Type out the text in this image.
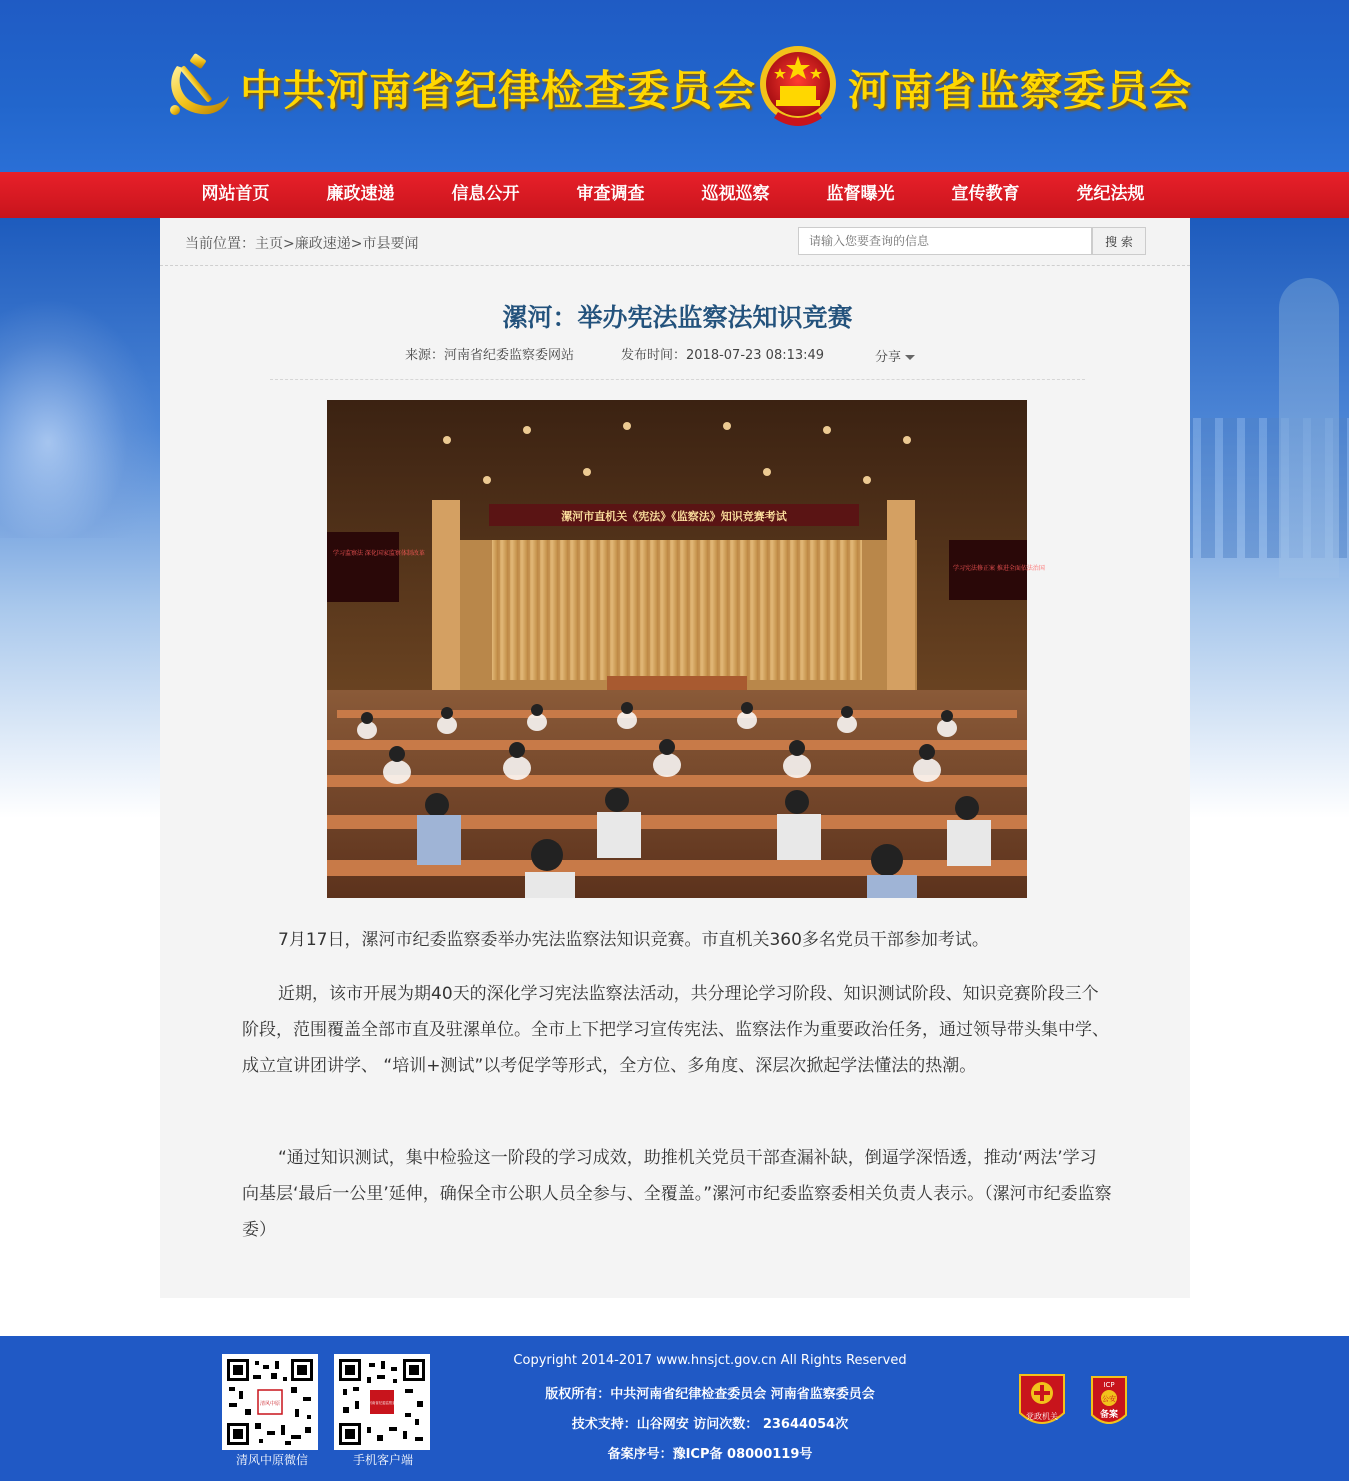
中共河南省纪律检查委员会 河南省监察委员会
网站首页	廉政速递	信息公开	审查调查	巡视巡察	监督曝光	宣传教育	党纪法规
当前位置：主页>廉政速递>市县要闻
请输入您要查询的信息	搜 索
漯河：举办宪法监察法知识竞赛
来源：河南省纪委监察委网站	发布时间：2018-07-23 08:13:49	分享
漯河市直机关《宪法》《监察法》知识竞赛考试
学习监察法 深化国家监察体制改革
学习宪法修正案 推进全面依法治国
7月17日，漯河市纪委监察委举办宪法监察法知识竞赛。市直机关360多名党员干部参加考试。
近期，该市开展为期40天的深化学习宪法监察法活动，共分理论学习阶段、知识测试阶段、知识竞赛阶段三个阶段，范围覆盖全部市直及驻漯单位。全市上下把学习宣传宪法、监察法作为重要政治任务，通过领导带头集中学、成立宣讲团讲学、 “培训+测试”以考促学等形式，全方位、多角度、深层次掀起学法懂法的热潮。
“通过知识测试，集中检验这一阶段的学习成效，助推机关党员干部查漏补缺，倒逼学深悟透，推动‘两法’学习向基层‘最后一公里’延伸，确保全市公职人员全参与、全覆盖。”漯河市纪委监察委相关负责人表示。（漯河市纪委监察委）
清风中原
清风中原微信
河南省纪委监察委
手机客户端
Copyright 2014-2017 www.hnsjct.gov.cn All Rights Reserved
版权所有：中共河南省纪律检查委员会 河南省监察委员会
技术支持：山谷网安 访问次数： 23644054次
备案序号：豫ICP备 08000119号
党政机关
ICP
公安
备案
